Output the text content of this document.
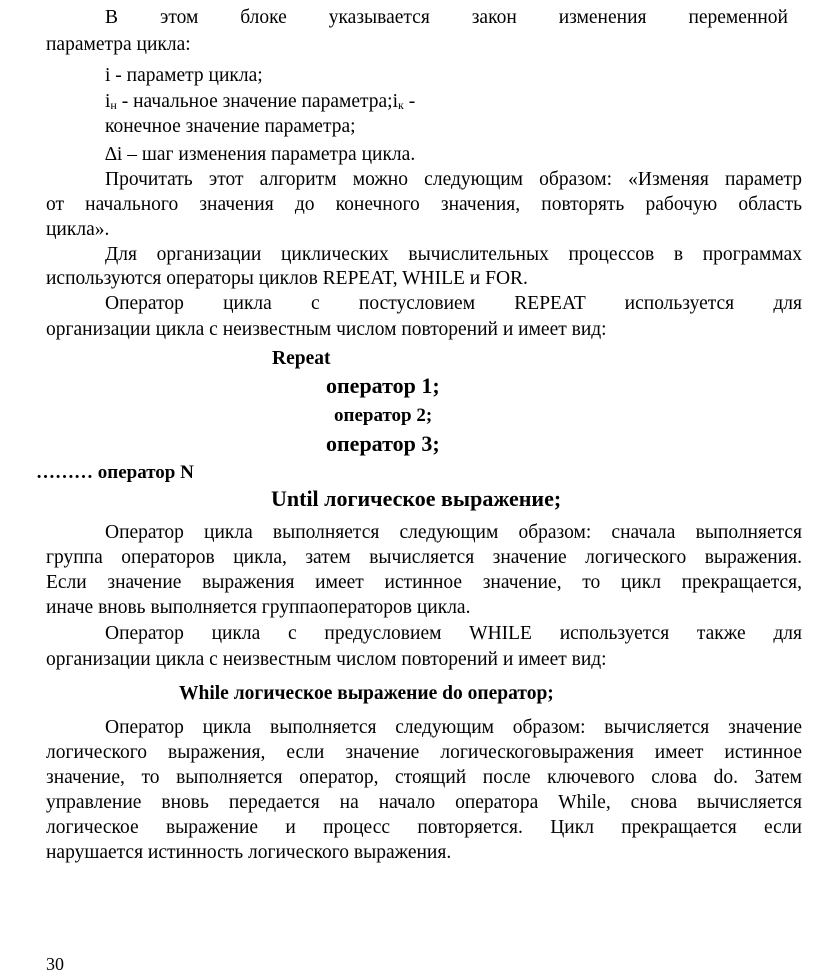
В этом блоке указывается закон изменения переменной
параметра цикла:
i - параметр цикла;
$i_н$ - начальное значение $параметра;i_к$ -
конечное значение параметра;
∆i – шаг изменения параметра цикла.
Прочитать этот алгоритм можно следующим образом: «Изменяя параметр
от начального значения до конечного значения, повторять рабочую область
цикла».
Для организации циклических вычислительных процессов в программах
используются операторы циклов REPEAT, WHILE и FOR.
Оператор цикла с постусловием REPEAT используется для
организации цикла с неизвестным числом повторений и имеет вид:
Repeat
оператор 1;
оператор 2;
оператор 3;
……… оператор N
Until логическое выражение;
Оператор цикла выполняется следующим образом: сначала выполняется
группа операторов цикла, затем вычисляется значение логического выражения.
Если значение выражения имеет истинное значение, то цикл прекращается,
иначе вновь выполняется группаоператоров цикла.
Оператор цикла с предусловием WHILE используется также для
организации цикла с неизвестным числом повторений и имеет вид:
While логическое выражение do оператор;
Оператор цикла выполняется следующим образом: вычисляется значение
логического выражения, если значение логическоговыражения имеет истинное
значение, то выполняется оператор, стоящий после ключевого слова do. Затем
управление вновь передается на начало оператора While, снова вычисляется
логическое выражение и процесс повторяется. Цикл прекращается если
нарушается истинность логического выражения.
30
